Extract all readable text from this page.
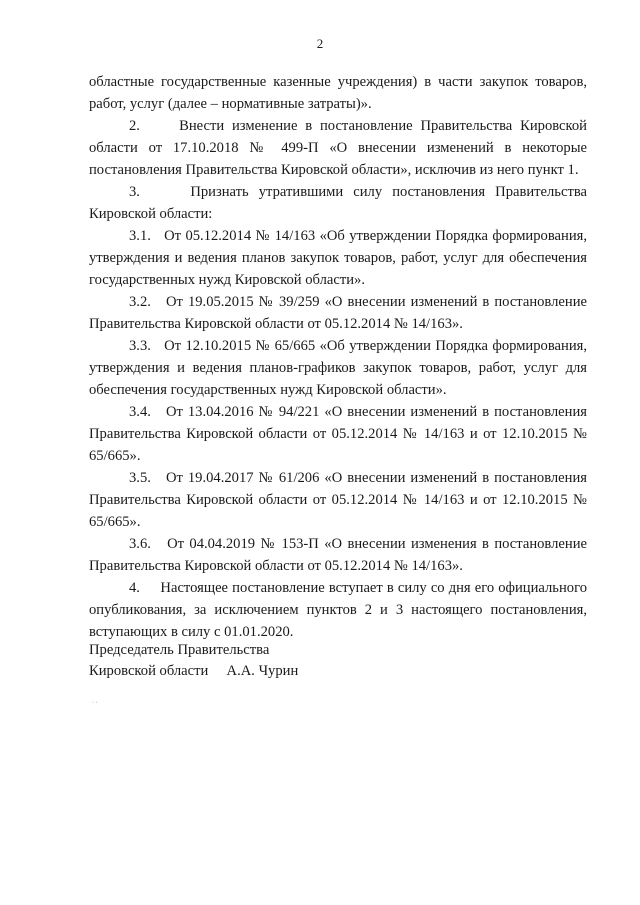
2

областные государственные казенные учреждения) в части закупок товаров, работ, услуг (далее – нормативные затраты)».

2.     Внести изменение в постановление Правительства Кировской области от 17.10.2018 № 499-П «О внесении изменений в некоторые постановления Правительства Кировской области», исключив из него пункт 1.

3.     Признать утратившими силу постановления Правительства Кировской области:

3.1.   От 05.12.2014 № 14/163 «Об утверждении Порядка формирования, утверждения и ведения планов закупок товаров, работ, услуг для обеспечения государственных нужд Кировской области».

3.2.   От 19.05.2015 № 39/259 «О внесении изменений в постановление Правительства Кировской области от 05.12.2014 № 14/163».

3.3.   От 12.10.2015 № 65/665 «Об утверждении Порядка формирования, утверждения и ведения планов-графиков закупок товаров, работ, услуг для обеспечения государственных нужд Кировской области».

3.4.   От 13.04.2016 № 94/221 «О внесении изменений в постановления Правительства Кировской области от 05.12.2014 № 14/163 и от 12.10.2015 № 65/665».

3.5.   От 19.04.2017 № 61/206 «О внесении изменений в постановления Правительства Кировской области от 05.12.2014 № 14/163 и от 12.10.2015 № 65/665».

3.6.   От 04.04.2019 № 153-П «О внесении изменения в постановление Правительства Кировской области от 05.12.2014 № 14/163».

4.     Настоящее постановление вступает в силу со дня его официального опубликования, за исключением пунктов 2 и 3 настоящего постановления, вступающих в силу с 01.01.2020.

Председатель Правительства
Кировской области     А.А. Чурин
· ·
